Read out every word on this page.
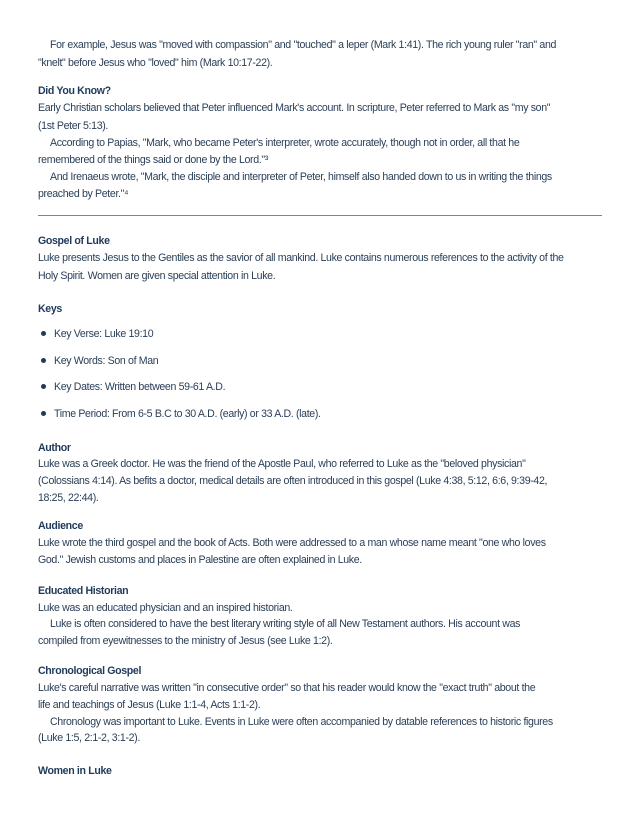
For example, Jesus was "moved with compassion" and "touched" a leper (Mark 1:41). The rich young ruler "ran" and
"knelt" before Jesus who "loved" him (Mark 10:17-22).
Did You Know?
Early Christian scholars believed that Peter influenced Mark's account. In scripture, Peter referred to Mark as "my son"
(1st Peter 5:13).
According to Papias, "Mark, who became Peter's interpreter, wrote accurately, though not in order, all that he
remembered of the things said or done by the Lord."³
And Irenaeus wrote, "Mark, the disciple and interpreter of Peter, himself also handed down to us in writing the things
preached by Peter."⁴
Gospel of Luke
Luke presents Jesus to the Gentiles as the savior of all mankind. Luke contains numerous references to the activity of the
Holy Spirit. Women are given special attention in Luke.
Keys
Key Verse: Luke 19:10
Key Words: Son of Man
Key Dates: Written between 59-61 A.D.
Time Period: From 6-5 B.C to 30 A.D. (early) or 33 A.D. (late).
Author
Luke was a Greek doctor. He was the friend of the Apostle Paul, who referred to Luke as the "beloved physician"
(Colossians 4:14). As befits a doctor, medical details are often introduced in this gospel (Luke 4:38, 5:12, 6:6, 9:39-42,
18:25, 22:44).
Audience
Luke wrote the third gospel and the book of Acts. Both were addressed to a man whose name meant "one who loves
God." Jewish customs and places in Palestine are often explained in Luke.
Educated Historian
Luke was an educated physician and an inspired historian.
Luke is often considered to have the best literary writing style of all New Testament authors. His account was
compiled from eyewitnesses to the ministry of Jesus (see Luke 1:2).
Chronological Gospel
Luke's careful narrative was written "in consecutive order" so that his reader would know the "exact truth" about the
life and teachings of Jesus (Luke 1:1-4, Acts 1:1-2).
Chronology was important to Luke. Events in Luke were often accompanied by datable references to historic figures
(Luke 1:5, 2:1-2, 3:1-2).
Women in Luke
